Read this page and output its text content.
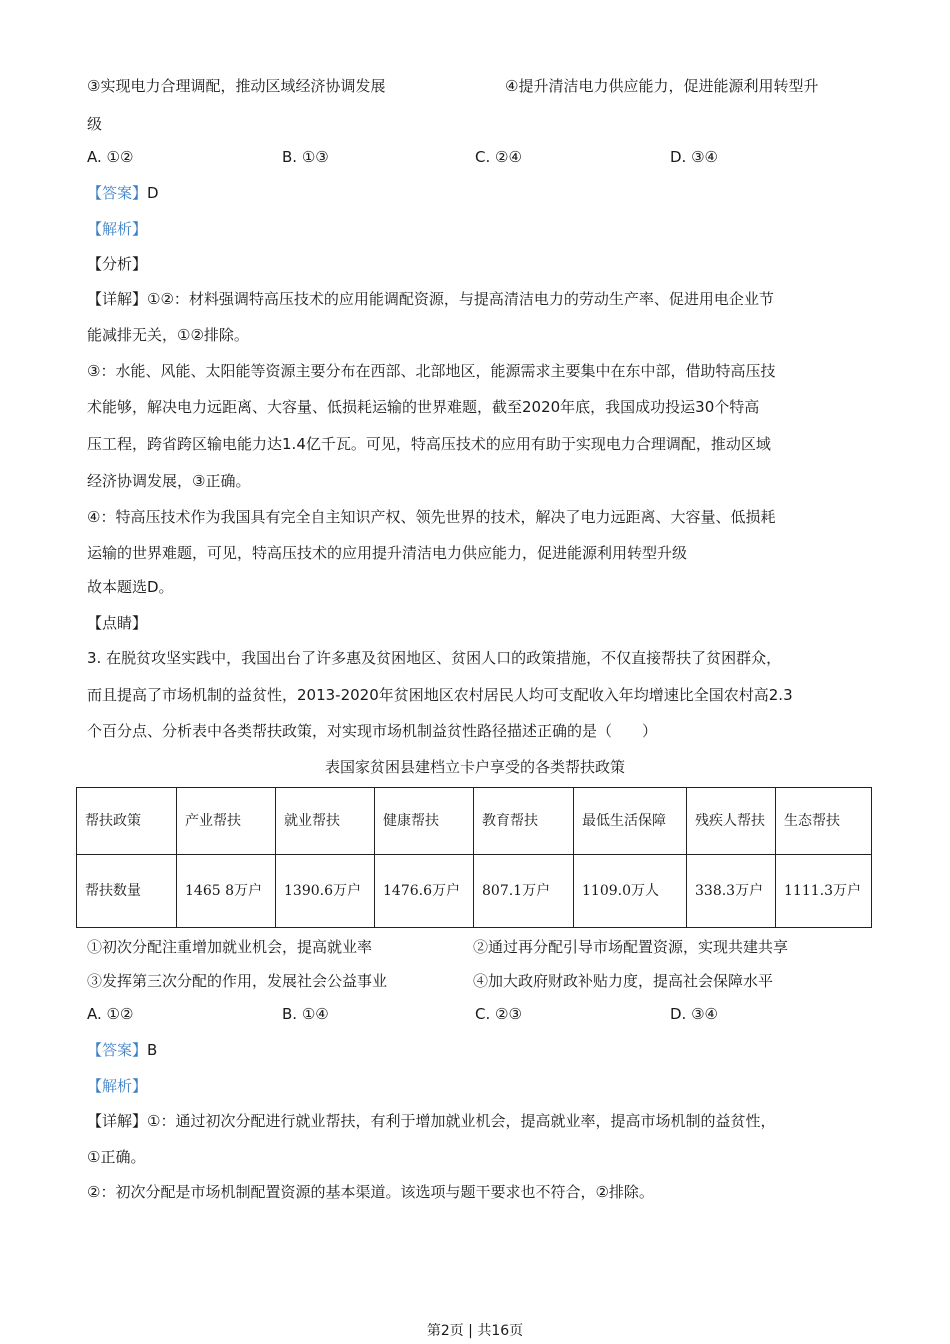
③实现电力合理调配，推动区域经济协调发展	④提升清洁电力供应能力，促进能源利用转型升
级
A. ①②	B. ①③	C. ②④	D. ③④
【答案】D
【解析】
【分析】
【详解】①②：材料强调特高压技术的应用能调配资源，与提高清洁电力的劳动生产率、促进用电企业节
能减排无关，①②排除。
③：水能、风能、太阳能等资源主要分布在西部、北部地区，能源需求主要集中在东中部，借助特高压技
术能够，解决电力远距离、大容量、低损耗运输的世界难题，截至2020年底，我国成功投运30个特高
压工程，跨省跨区输电能力达1.4亿千瓦。可见，特高压技术的应用有助于实现电力合理调配，推动区域
经济协调发展，③正确。
④：特高压技术作为我国具有完全自主知识产权、领先世界的技术，解决了电力远距离、大容量、低损耗
运输的世界难题，可见，特高压技术的应用提升清洁电力供应能力，促进能源利用转型升级
故本题选D。
【点睛】
3. 在脱贫攻坚实践中，我国出台了许多惠及贫困地区、贫困人口的政策措施，不仅直接帮扶了贫困群众，
而且提高了市场机制的益贫性，2013-2020年贫困地区农村居民人均可支配收入年均增速比全国农村高2.3
个百分点、分析表中各类帮扶政策，对实现市场机制益贫性路径描述正确的是（　　）
表国家贫困县建档立卡户享受的各类帮扶政策
帮扶政策	产业帮扶	就业帮扶	健康帮扶	教育帮扶	最低生活保障	残疾人帮扶	生态帮扶
帮扶数量	1465 8万户	1390.6万户	1476.6万户	807.1万户	1109.0万人	338.3万户	1111.3万户
①初次分配注重增加就业机会，提高就业率	②通过再分配引导市场配置资源，实现共建共享
③发挥第三次分配的作用，发展社会公益事业	④加大政府财政补贴力度，提高社会保障水平
A. ①②	B. ①④	C. ②③	D. ③④
【答案】B
【解析】
【详解】①：通过初次分配进行就业帮扶，有利于增加就业机会，提高就业率，提高市场机制的益贫性，
①正确。
②：初次分配是市场机制配置资源的基本渠道。该选项与题干要求也不符合，②排除。
第2页 | 共16页
